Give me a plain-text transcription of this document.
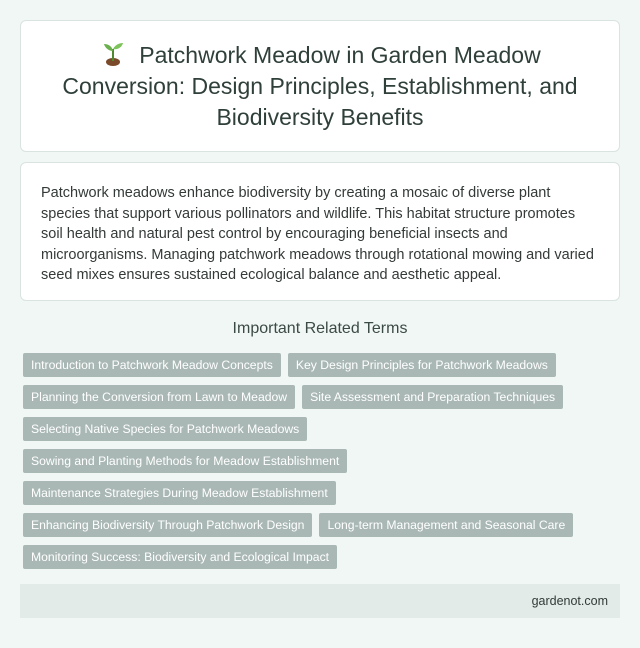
Patchwork Meadow in Garden Meadow Conversion: Design Principles, Establishment, and Biodiversity Benefits

Patchwork meadows enhance biodiversity by creating a mosaic of diverse plant species that support various pollinators and wildlife. This habitat structure promotes soil health and natural pest control by encouraging beneficial insects and microorganisms. Managing patchwork meadows through rotational mowing and varied seed mixes ensures sustained ecological balance and aesthetic appeal.

Important Related Terms
Introduction to Patchwork Meadow Concepts	Key Design Principles for Patchwork Meadows
Planning the Conversion from Lawn to Meadow	Site Assessment and Preparation Techniques
Selecting Native Species for Patchwork Meadows
Sowing and Planting Methods for Meadow Establishment
Maintenance Strategies During Meadow Establishment
Enhancing Biodiversity Through Patchwork Design	Long-term Management and Seasonal Care
Monitoring Success: Biodiversity and Ecological Impact
gardenot.com
